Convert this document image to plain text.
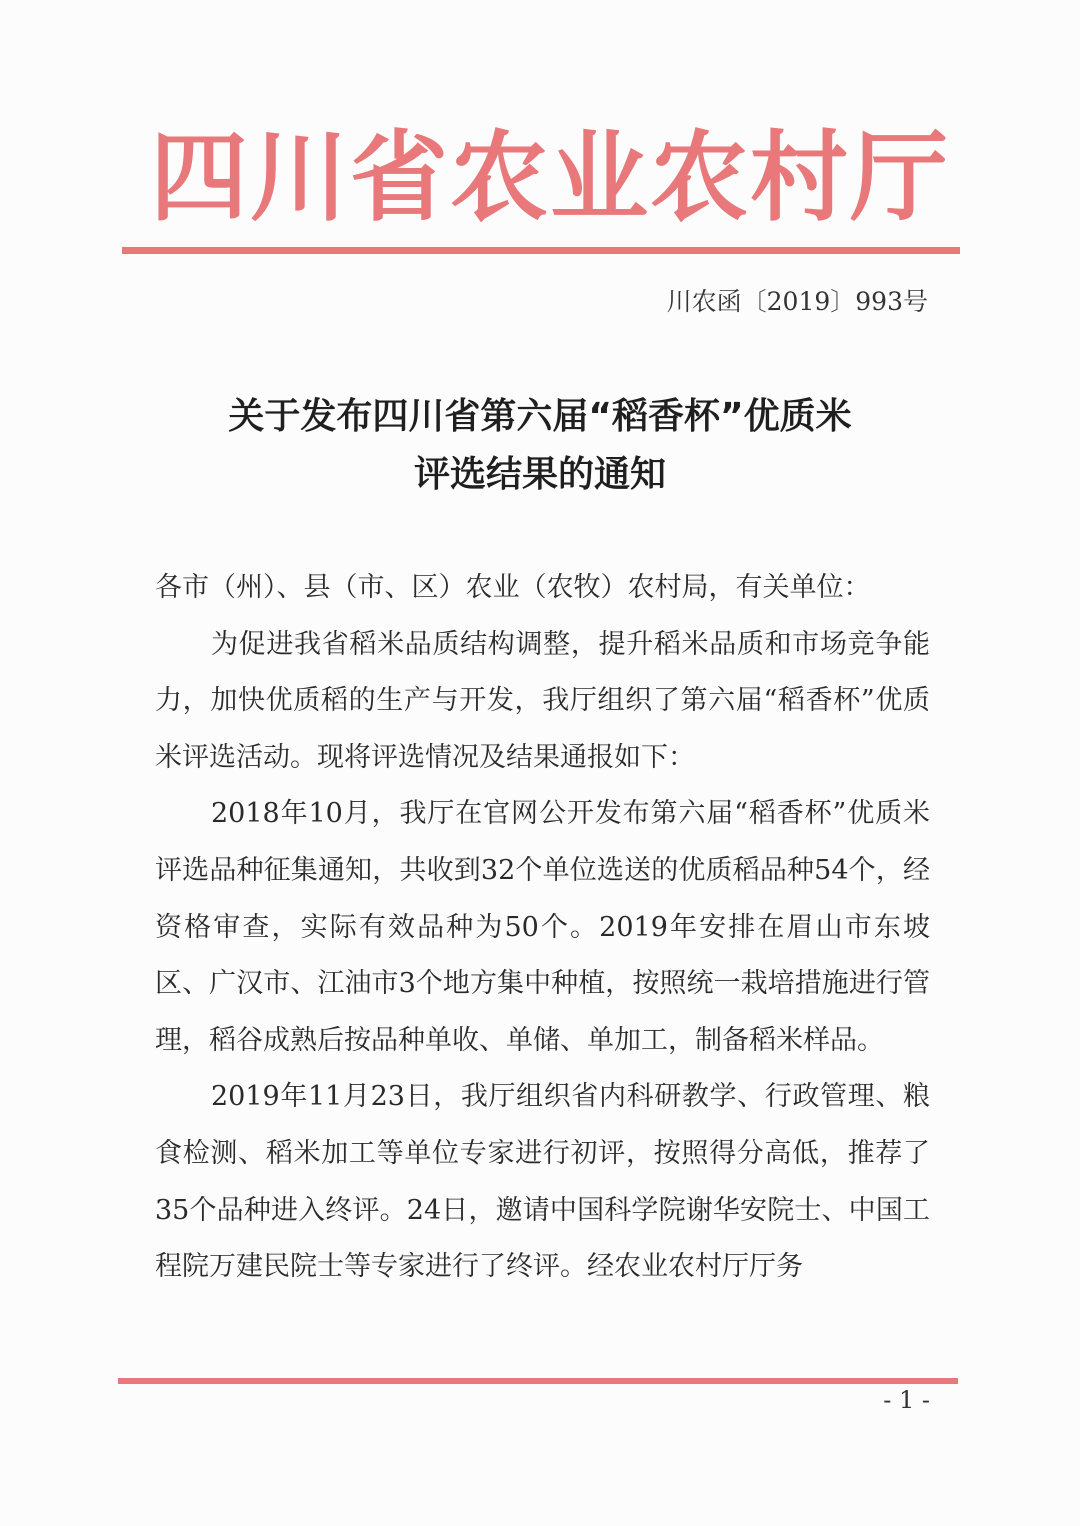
四川省农业农村厅
川农函〔2019〕993号
关于发布四川省第六届“稻香杯”优质米
评选结果的通知

各市（州）、县（市、区）农业（农牧）农村局，有关单位：

为促进我省稻米品质结构调整，提升稻米品质和市场竞争能力，加快优质稻的生产与开发，我厅组织了第六届“稻香杯”优质米评选活动。现将评选情况及结果通报如下：

2018年10月，我厅在官网公开发布第六届“稻香杯”优质米评选品种征集通知，共收到32个单位选送的优质稻品种54个，经资格审查，实际有效品种为50个。2019年安排在眉山市东坡区、广汉市、江油市3个地方集中种植，按照统一栽培措施进行管理，稻谷成熟后按品种单收、单储、单加工，制备稻米样品。

2019年11月23日，我厅组织省内科研教学、行政管理、粮食检测、稻米加工等单位专家进行初评，按照得分高低，推荐了35个品种进入终评。24日，邀请中国科学院谢华安院士、中国工程院万建民院士等专家进行了终评。经农业农村厅厅务

- 1 -
